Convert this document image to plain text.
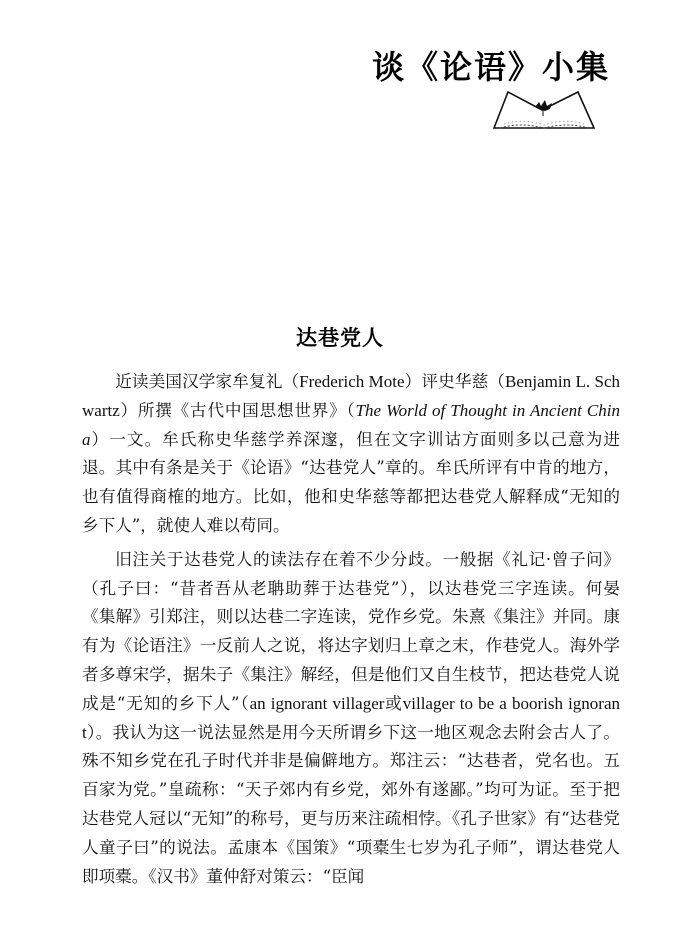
谈《论语》小集
达巷党人

近读美国汉学家牟复礼（Frederich Mote）评史华慈（Benjamin L. Schwartz）所撰《古代中国思想世界》（The World of Thought in Ancient China）一文。牟氏称史华慈学养深邃，但在文字训诂方面则多以己意为进退。其中有条是关于《论语》“达巷党人”章的。牟氏所评有中肯的地方，也有值得商榷的地方。比如，他和史华慈等都把达巷党人解释成“无知的乡下人”，就使人难以苟同。

旧注关于达巷党人的读法存在着不少分歧。一般据《礼记·曾子问》（孔子曰：“昔者吾从老聃助葬于达巷党”），以达巷党三字连读。何晏《集解》引郑注，则以达巷二字连读，党作乡党。朱熹《集注》并同。康有为《论语注》一反前人之说，将达字划归上章之末，作巷党人。海外学者多尊宋学，据朱子《集注》解经，但是他们又自生枝节，把达巷党人说成是“无知的乡下人”（an ignorant villager或villager to be a boorish ignorant）。我认为这一说法显然是用今天所谓乡下这一地区观念去附会古人了。殊不知乡党在孔子时代并非是偏僻地方。郑注云：“达巷者，党名也。五百家为党。”皇疏称：“天子郊内有乡党，郊外有遂鄙。”均可为证。至于把达巷党人冠以“无知”的称号，更与历来注疏相悖。《孔子世家》有“达巷党人童子曰”的说法。孟康本《国策》“项橐生七岁为孔子师”，谓达巷党人即项橐。《汉书》董仲舒对策云：“臣闻
